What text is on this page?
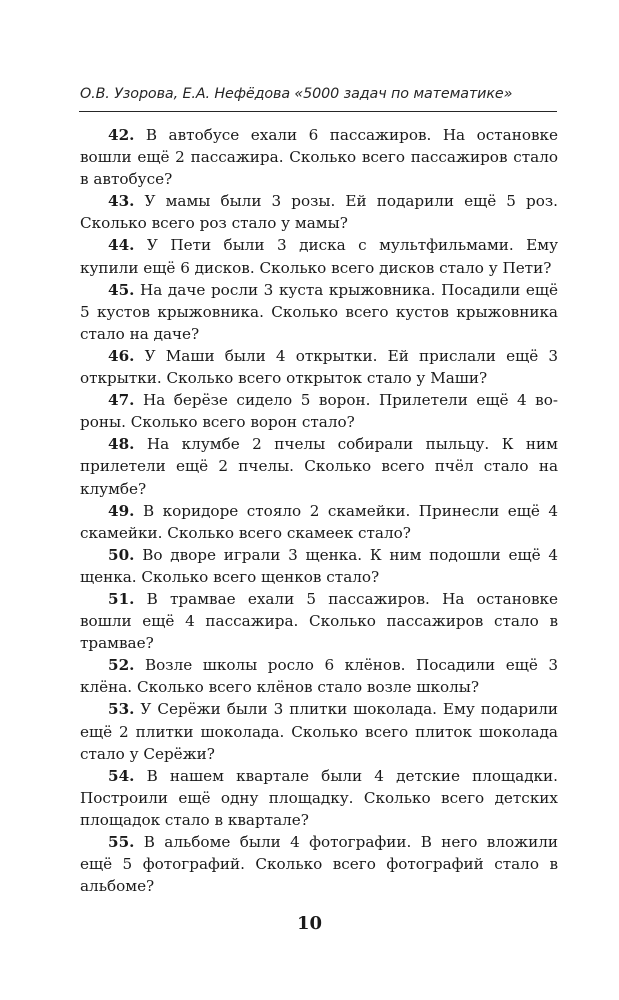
О.В. Узорова, Е.А. Нефёдова «5000 задач по математике»

42. В автобусе ехали 6 пассажиров. На остановке вошли ещё 2 пассажира. Сколько всего пассажиров стало в автобусе?

43. У мамы были 3 розы. Ей подарили ещё 5 роз. Сколько всего роз стало у мамы?

44. У Пети были 3 диска с мультфильмами. Ему купили ещё 6 дисков. Сколько всего дисков стало у Пети?

45. На даче росли 3 куста крыжовника. Посадили ещё 5 кустов крыжовника. Сколько всего кустов крыжовника стало на даче?

46. У Маши были 4 открытки. Ей прислали ещё 3 открытки. Сколько всего открыток стало у Маши?

47. На берёзе сидело 5 ворон. Прилетели ещё 4 вороны. Сколько всего ворон стало?

48. На клумбе 2 пчелы собирали пыльцу. К ним прилетели ещё 2 пчелы. Сколько всего пчёл стало на клумбе?

49. В коридоре стояло 2 скамейки. Принесли ещё 4 скамейки. Сколько всего скамеек стало?

50. Во дворе играли 3 щенка. К ним подошли ещё 4 щенка. Сколько всего щенков стало?

51. В трамвае ехали 5 пассажиров. На остановке вошли ещё 4 пассажира. Сколько пассажиров стало в трамвае?

52. Возле школы росло 6 клёнов. Посадили ещё 3 клёна. Сколько всего клёнов стало возле школы?

53. У Серёжи были 3 плитки шоколада. Ему подарили ещё 2 плитки шоколада. Сколько всего плиток шоколада стало у Серёжи?

54. В нашем квартале были 4 детские площадки. Построили ещё одну площадку. Сколько всего детских площадок стало в квартале?

55. В альбоме были 4 фотографии. В него вложили ещё 5 фотографий. Сколько всего фотографий стало в альбоме?

10
